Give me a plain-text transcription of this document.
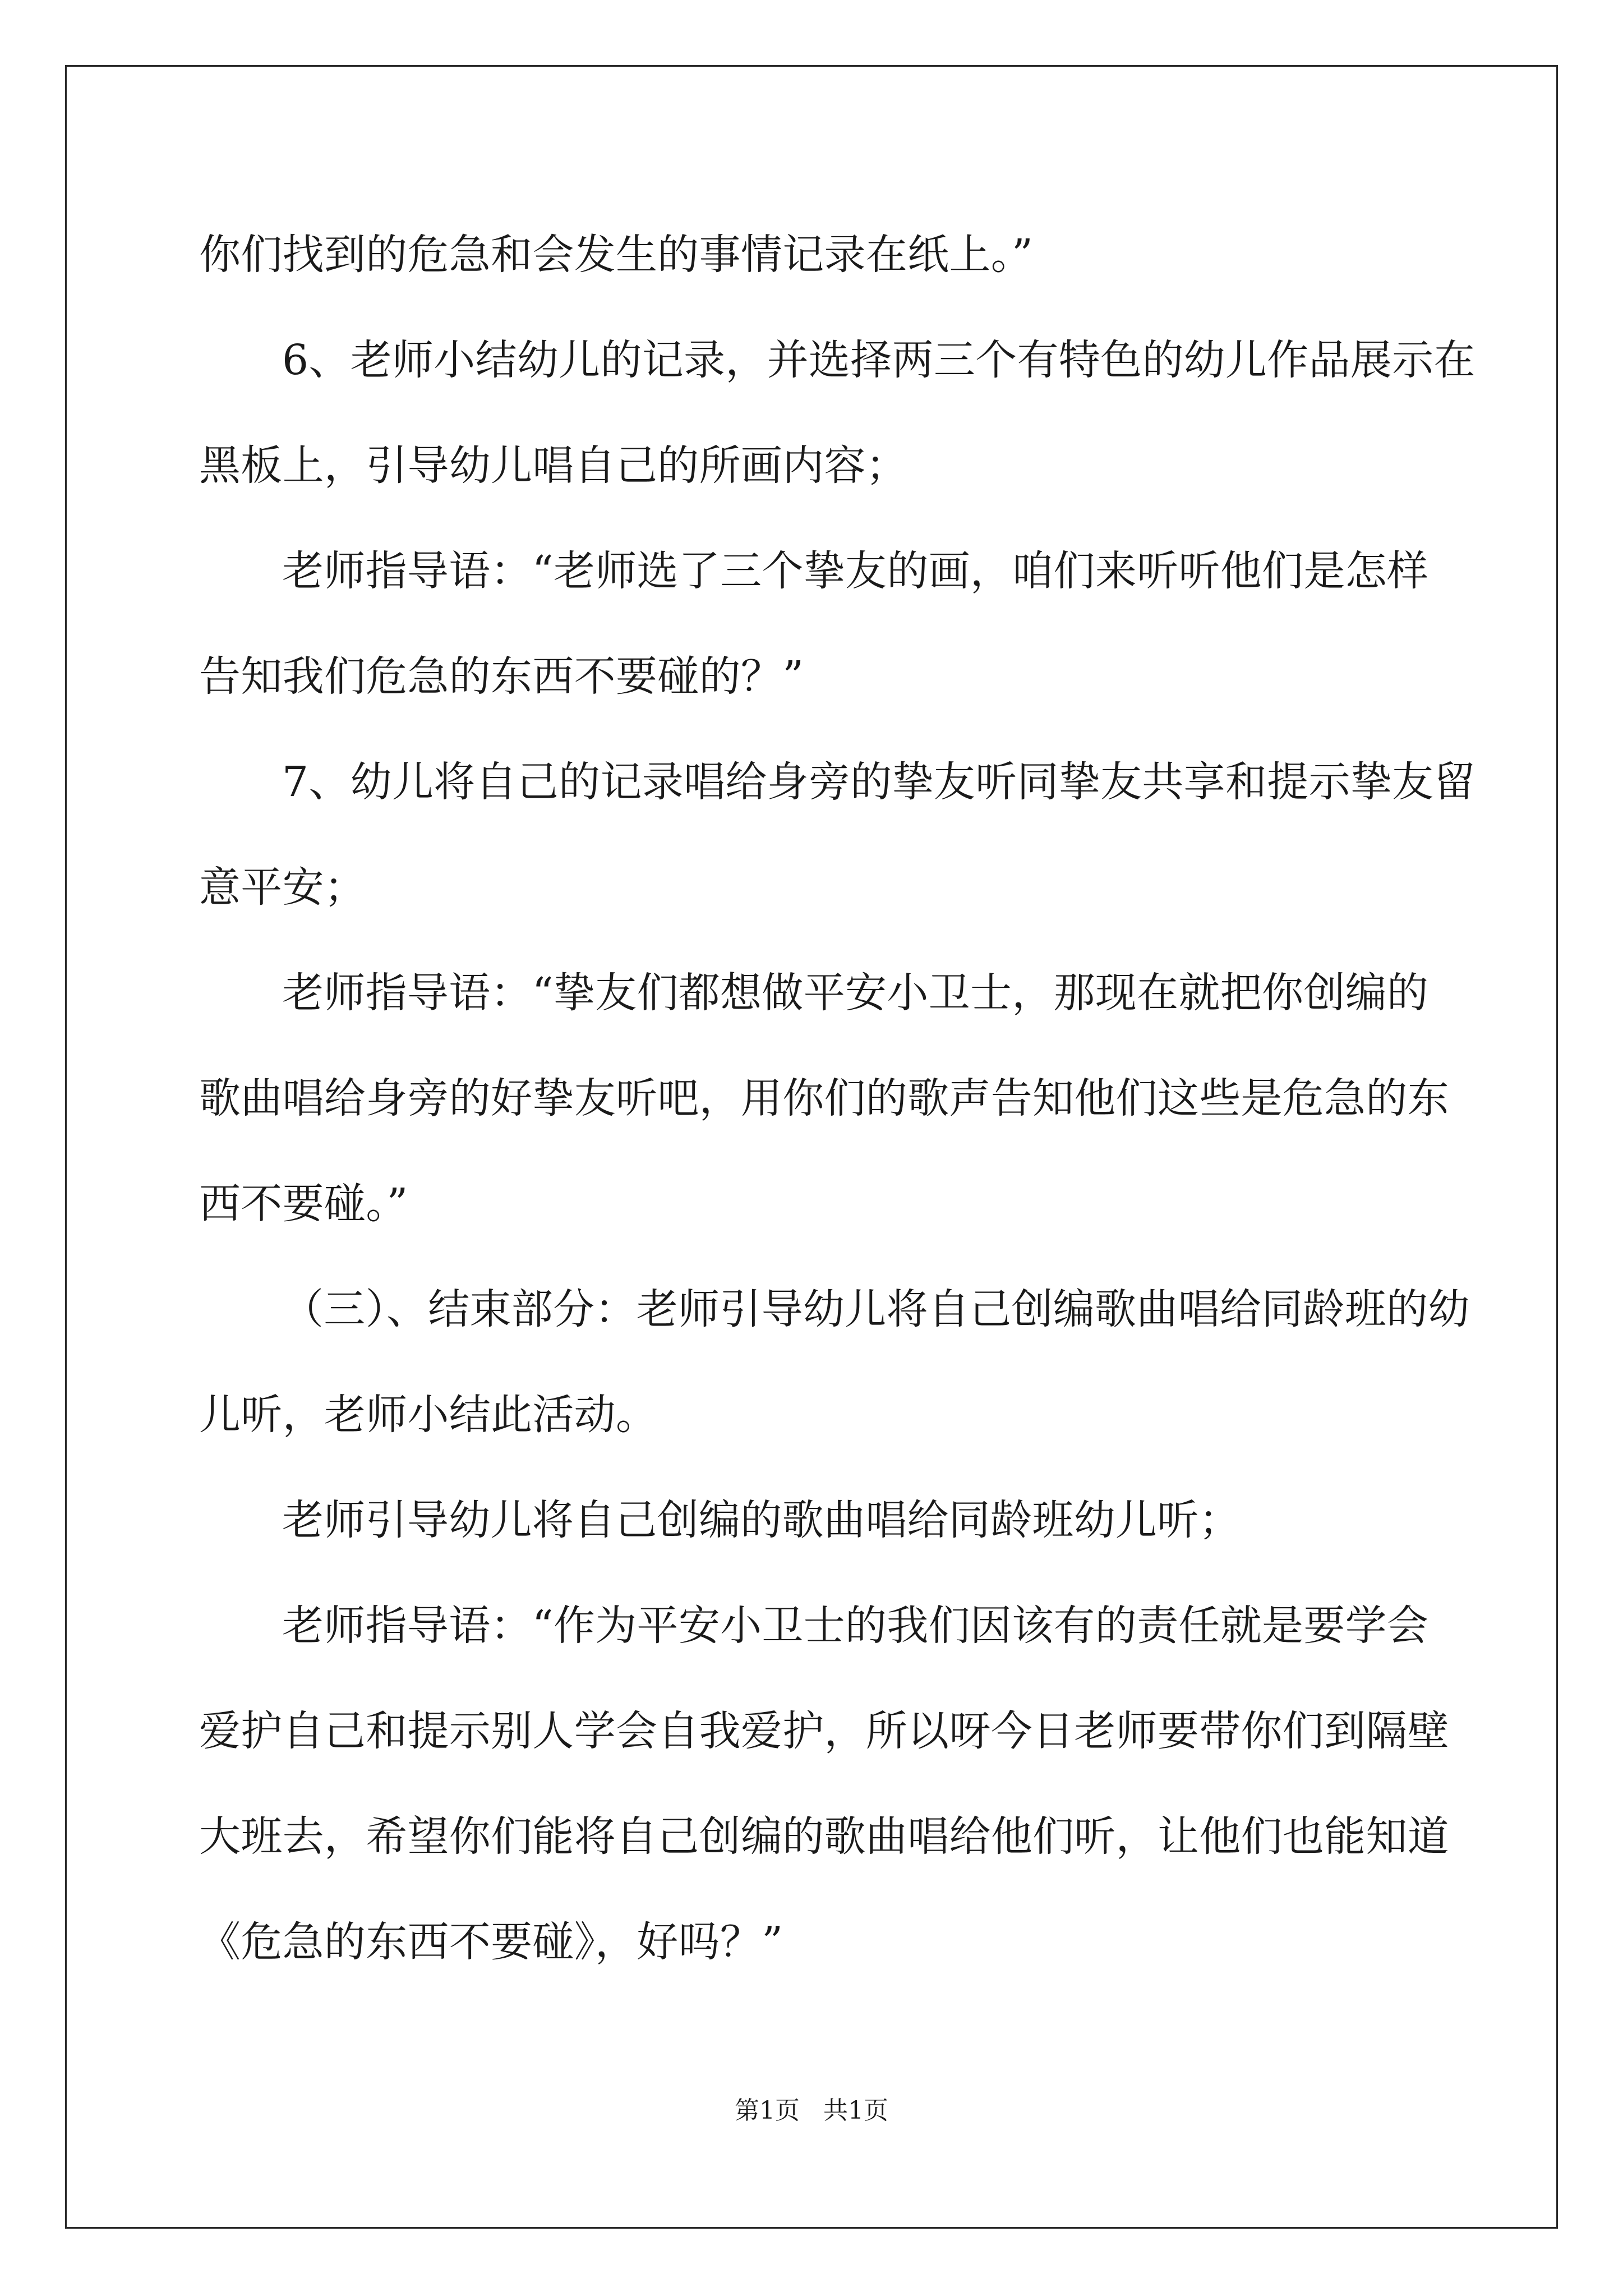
你们找到的危急和会发生的事情记录在纸上。”
6、老师小结幼儿的记录，并选择两三个有特色的幼儿作品展示在
黑板上，引导幼儿唱自己的所画内容；
老师指导语：“老师选了三个挚友的画，咱们来听听他们是怎样
告知我们危急的东西不要碰的？”
7、幼儿将自己的记录唱给身旁的挚友听同挚友共享和提示挚友留
意平安；
老师指导语：“挚友们都想做平安小卫士，那现在就把你创编的
歌曲唱给身旁的好挚友听吧，用你们的歌声告知他们这些是危急的东
西不要碰。”
（三）、结束部分：老师引导幼儿将自己创编歌曲唱给同龄班的幼
儿听，老师小结此活动。
老师引导幼儿将自己创编的歌曲唱给同龄班幼儿听；
老师指导语：“作为平安小卫士的我们因该有的责任就是要学会
爱护自己和提示别人学会自我爱护，所以呀今日老师要带你们到隔壁
大班去，希望你们能将自己创编的歌曲唱给他们听，让他们也能知道
《危急的东西不要碰》，好吗？”
第1页   共1页
